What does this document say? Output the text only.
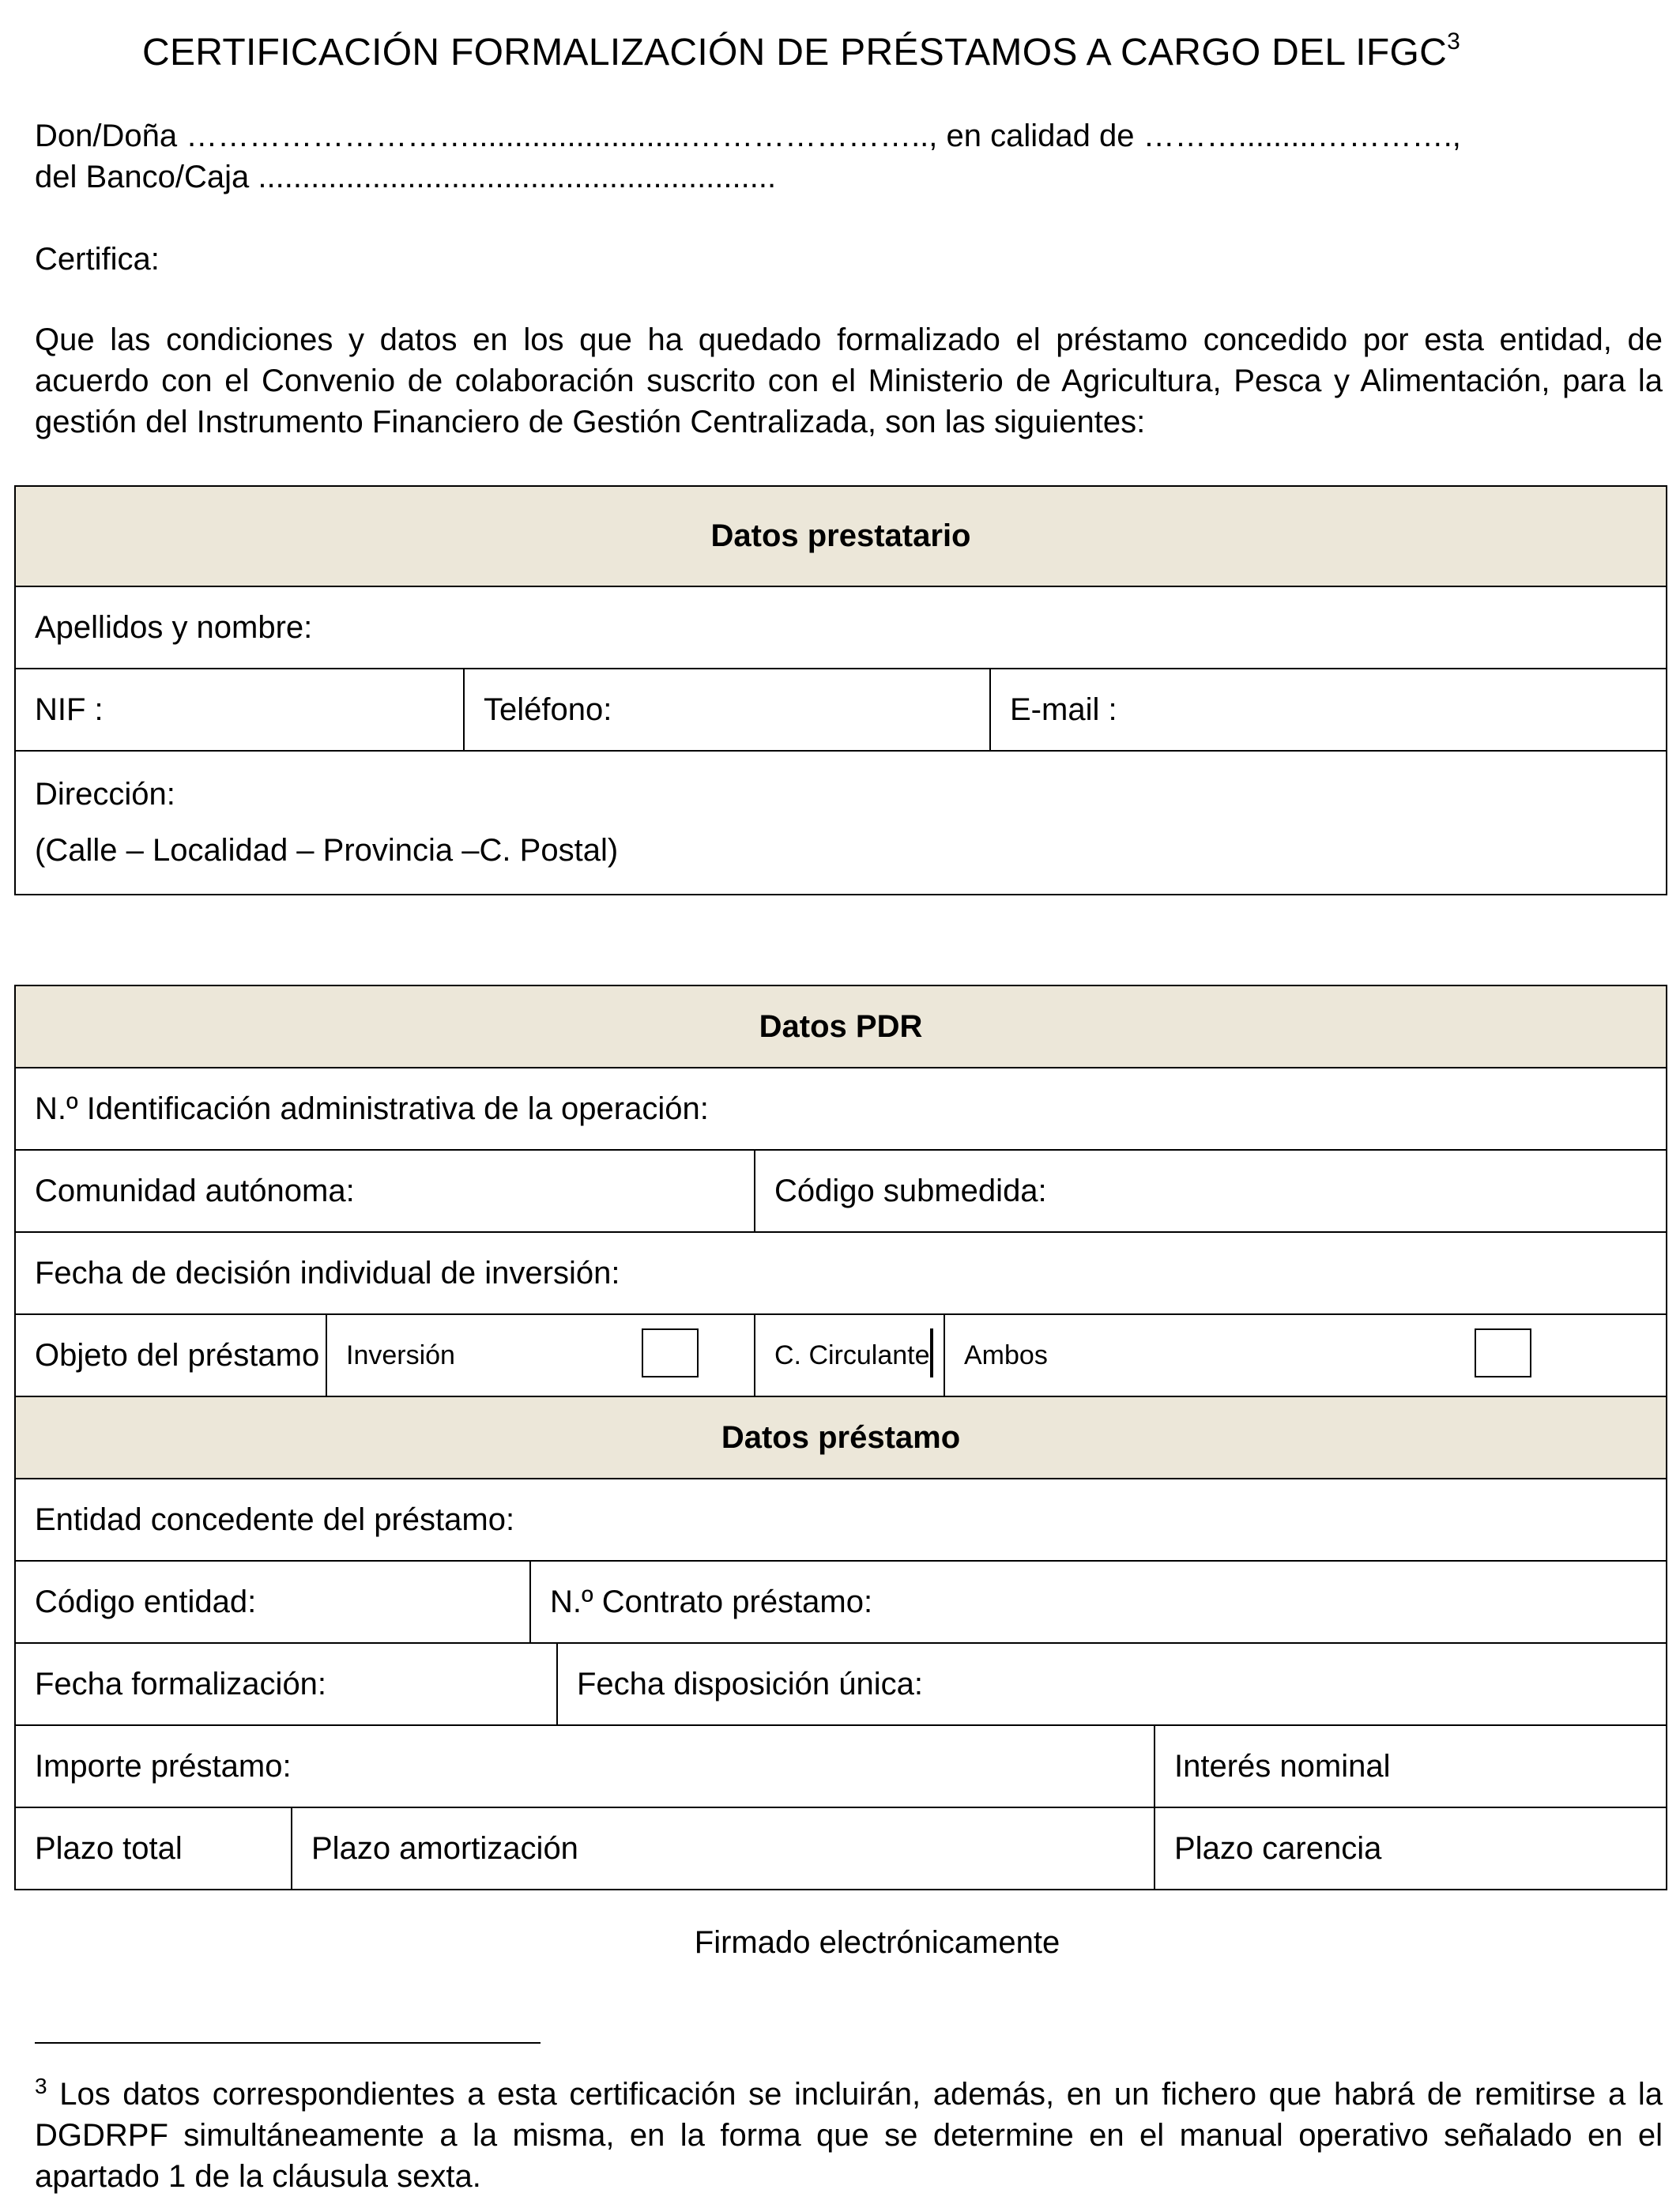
CERTIFICACIÓN FORMALIZACIÓN DE PRÉSTAMOS A CARGO DEL IFGC$^3$
Don/Doña ……………………….........................………………….., en calidad de ……….........………….,
del Banco/Caja ...........................................................
Certifica:
Que las condiciones y datos en los que ha quedado formalizado el préstamo concedido por esta entidad, de acuerdo con el Convenio de colaboración suscrito con el Ministerio de Agricultura, Pesca y Alimentación, para la gestión del Instrumento Financiero de Gestión Centralizada, son las siguientes:
Datos prestatario
Apellidos y nombre:
NIF :	Teléfono:	E-mail :
Dirección:
(Calle – Localidad – Provincia –C. Postal)
Datos PDR							
N.º Identificación administrativa de la operación:							
Comunidad autónoma:					Código submedida:		
Fecha de decisión individual de inversión:							
Objeto del préstamo		Inversión			C. Circulante	Ambos	

Datos préstamo							
Entidad concedente del préstamo:							
Código entidad:			N.º Contrato préstamo:				
Fecha formalización:				Fecha disposición única:			
Importe préstamo:							Interés nominal
Plazo total	Plazo amortización						Plazo carencia
Firmado electrónicamente
$^3$ Los datos correspondientes a esta certificación se incluirán, además, en un fichero que habrá de remitirse a la DGDRPF simultáneamente a la misma, en la forma que se determine en el manual operativo señalado en el apartado 1 de la cláusula sexta.
